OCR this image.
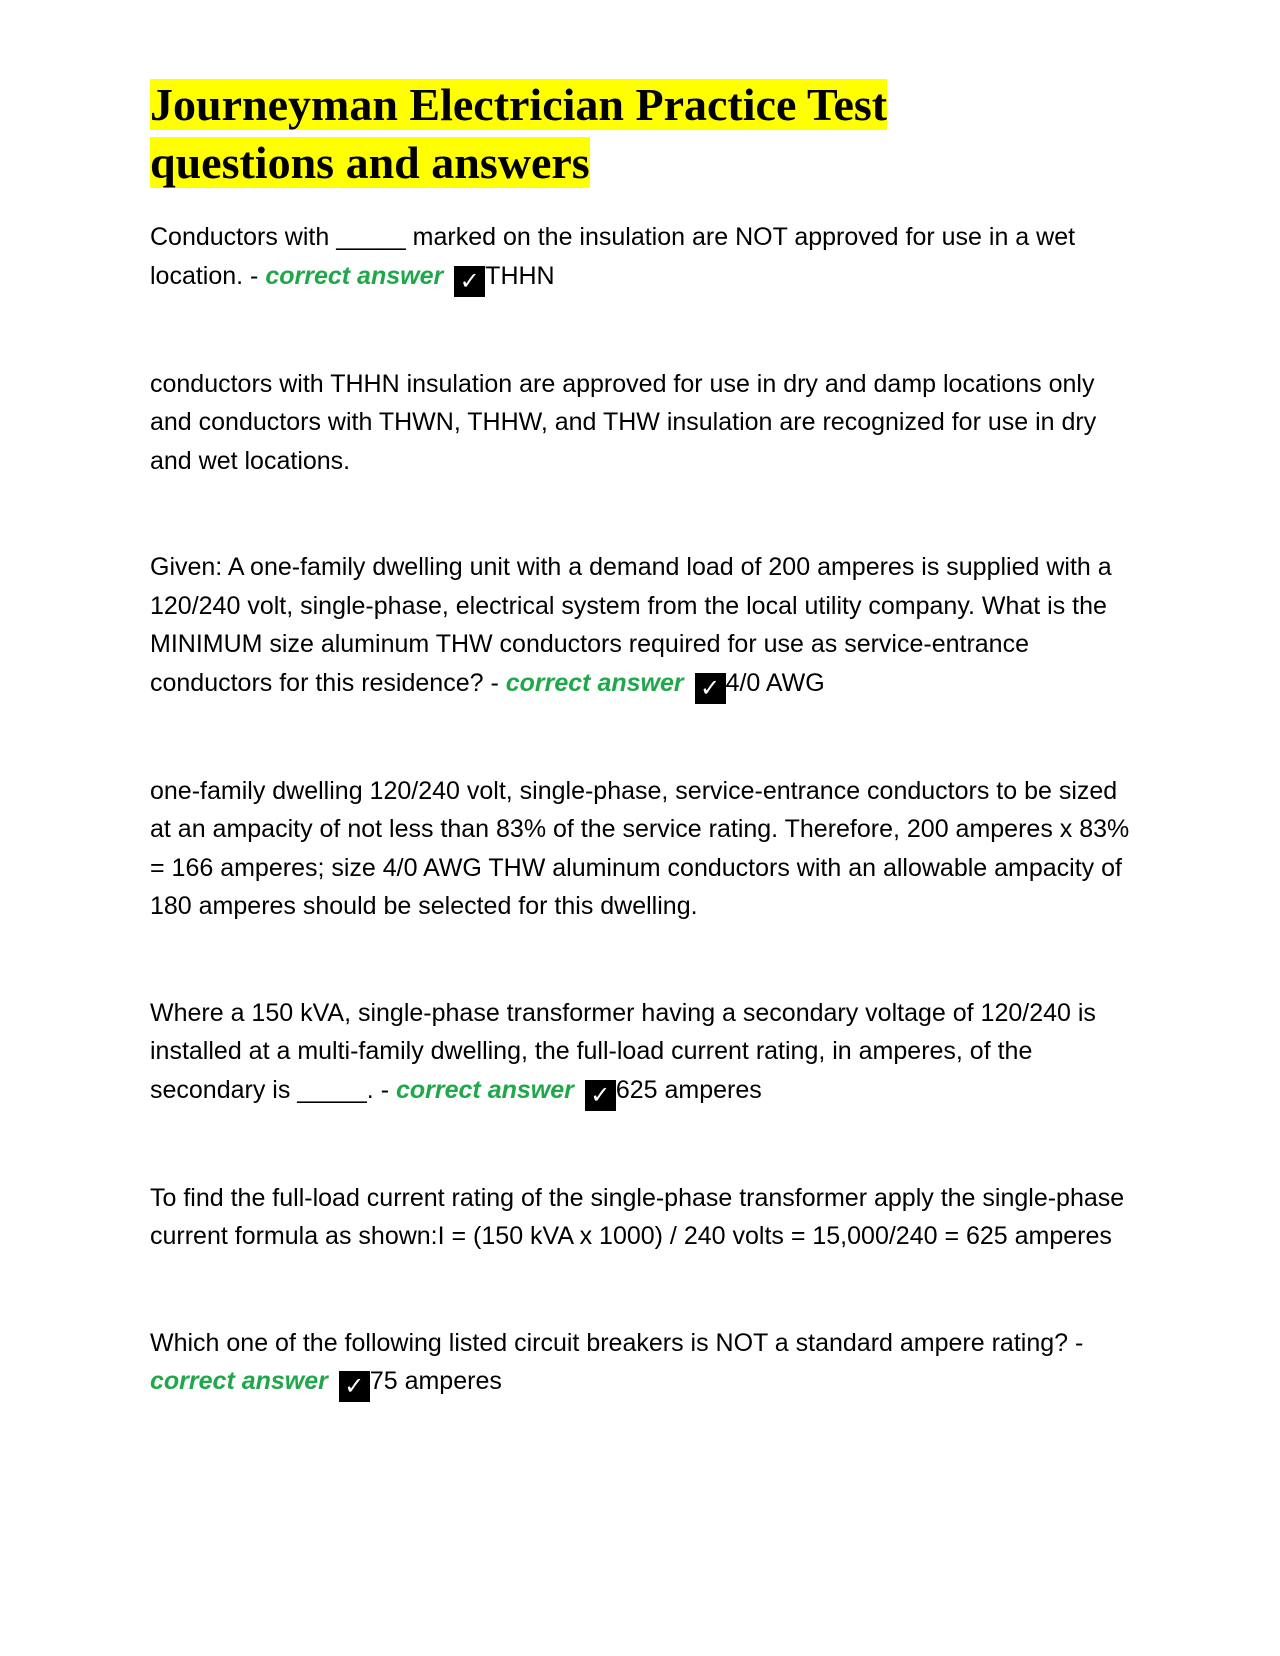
Journeyman Electrician Practice Test
questions and answers

Conductors with _____ marked on the insulation are NOT approved for use in a wet location. - correct answer ✓ THHN

conductors with THHN insulation are approved for use in dry and damp locations only and conductors with THWN, THHW, and THW insulation are recognized for use in dry and wet locations.

Given: A one-family dwelling unit with a demand load of 200 amperes is supplied with a 120/240 volt, single-phase, electrical system from the local utility company. What is the MINIMUM size aluminum THW conductors required for use as service-entrance conductors for this residence? - correct answer ✓ 4/0 AWG

one-family dwelling 120/240 volt, single-phase, service-entrance conductors to be sized at an ampacity of not less than 83% of the service rating. Therefore, 200 amperes x 83% = 166 amperes; size 4/0 AWG THW aluminum conductors with an allowable ampacity of 180 amperes should be selected for this dwelling.

Where a 150 kVA, single-phase transformer having a secondary voltage of 120/240 is installed at a multi-family dwelling, the full-load current rating, in amperes, of the secondary is _____. - correct answer ✓ 625 amperes

To find the full-load current rating of the single-phase transformer apply the single-phase current formula as shown:I = (150 kVA x 1000) / 240 volts = 15,000/240 = 625 amperes

Which one of the following listed circuit breakers is NOT a standard ampere rating? - correct answer ✓ 75 amperes
